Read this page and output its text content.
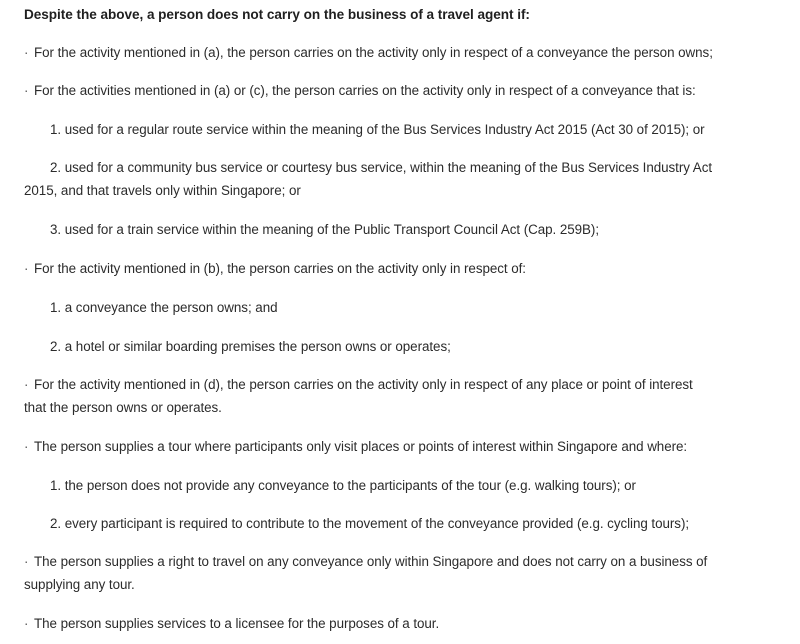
Despite the above, a person does not carry on the business of a travel agent if:
· For the activity mentioned in (a), the person carries on the activity only in respect of a conveyance the person owns;
· For the activities mentioned in (a) or (c), the person carries on the activity only in respect of a conveyance that is:
1. used for a regular route service within the meaning of the Bus Services Industry Act 2015 (Act 30 of 2015); or
2. used for a community bus service or courtesy bus service, within the meaning of the Bus Services Industry Act
2015, and that travels only within Singapore; or
3. used for a train service within the meaning of the Public Transport Council Act (Cap. 259B);
· For the activity mentioned in (b), the person carries on the activity only in respect of:
1. a conveyance the person owns; and
2. a hotel or similar boarding premises the person owns or operates;
· For the activity mentioned in (d), the person carries on the activity only in respect of any place or point of interest
that the person owns or operates.
· The person supplies a tour where participants only visit places or points of interest within Singapore and where:
1. the person does not provide any conveyance to the participants of the tour (e.g. walking tours); or
2. every participant is required to contribute to the movement of the conveyance provided (e.g. cycling tours);
· The person supplies a right to travel on any conveyance only within Singapore and does not carry on a business of
supplying any tour.
· The person supplies services to a licensee for the purposes of a tour.
